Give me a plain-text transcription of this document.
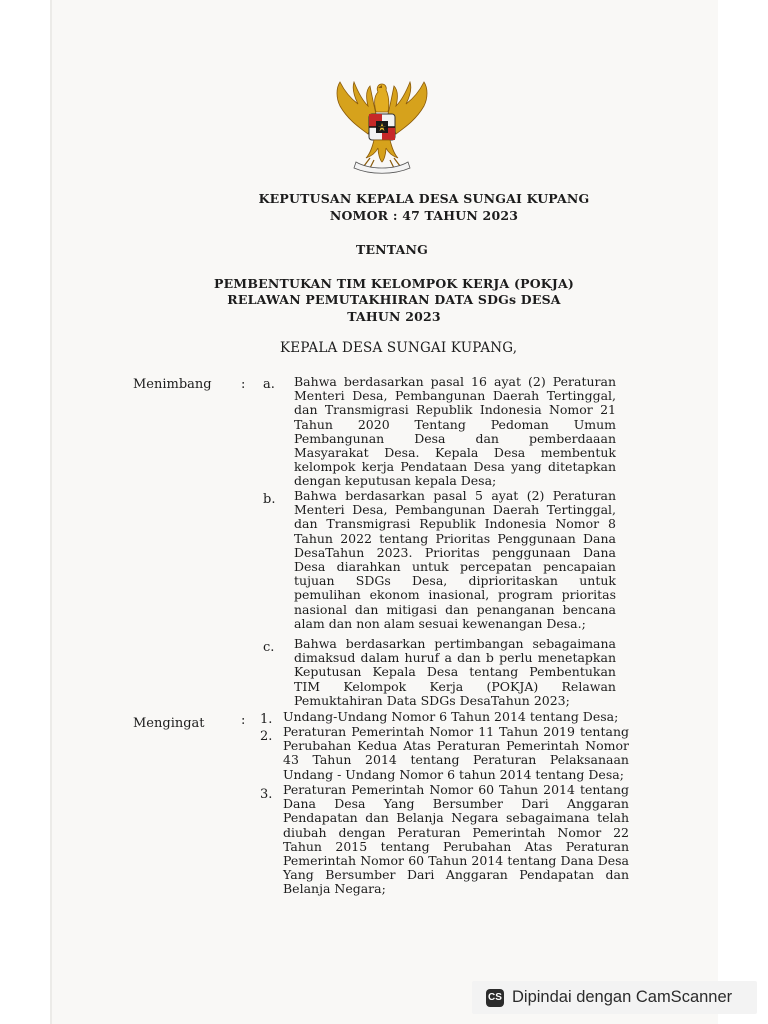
KEPUTUSAN KEPALA DESA SUNGAI KUPANG
NOMOR : 47 TAHUN 2023
TENTANG
PEMBENTUKAN TIM KELOMPOK KERJA (POKJA)
RELAWAN PEMUTAKHIRAN DATA SDGs DESA
TAHUN 2023
KEPALA DESA SUNGAI KUPANG,
Menimbang : a. Bahwa berdasarkan pasal 16 ayat (2) Peraturan Menteri Desa, Pembangunan Daerah Tertinggal, dan Transmigrasi Republik Indonesia Nomor 21 Tahun 2020 Tentang Pedoman Umum Pembangunan Desa dan pemberdaaan Masyarakat Desa. Kepala Desa membentuk kelompok kerja Pendataan Desa yang ditetapkan dengan keputusan kepala Desa;
b. Bahwa berdasarkan pasal 5 ayat (2) Peraturan Menteri Desa, Pembangunan Daerah Tertinggal, dan Transmigrasi Republik Indonesia Nomor 8 Tahun 2022 tentang Prioritas Penggunaan Dana DesaTahun 2023. Prioritas penggunaan Dana Desa diarahkan untuk percepatan pencapaian tujuan SDGs Desa, diprioritaskan untuk pemulihan ekonom inasional, program prioritas nasional dan mitigasi dan penanganan bencana alam dan non alam sesuai kewenangan Desa.;
c. Bahwa berdasarkan pertimbangan sebagaimana dimaksud dalam huruf a dan b perlu menetapkan Keputusan Kepala Desa tentang Pembentukan TIM Kelompok Kerja (POKJA) Relawan Pemuktahiran Data SDGs DesaTahun 2023;
Mengingat	: 1. Undang-Undang Nomor 6 Tahun 2014 tentang Desa;
2. Peraturan Pemerintah Nomor 11 Tahun 2019 tentang Perubahan Kedua Atas Peraturan Pemerintah Nomor 43 Tahun 2014 tentang Peraturan Pelaksanaan Undang - Undang Nomor 6 tahun 2014 tentang Desa;
3. Peraturan Pemerintah Nomor 60 Tahun 2014 tentang Dana Desa Yang Bersumber Dari Anggaran Pendapatan dan Belanja Negara sebagaimana telah diubah dengan Peraturan Pemerintah Nomor 22 Tahun 2015 tentang Perubahan Atas Peraturan Pemerintah Nomor 60 Tahun 2014 tentang Dana Desa Yang Bersumber Dari Anggaran Pendapatan dan Belanja Negara;
CS Dipindai dengan CamScanner
